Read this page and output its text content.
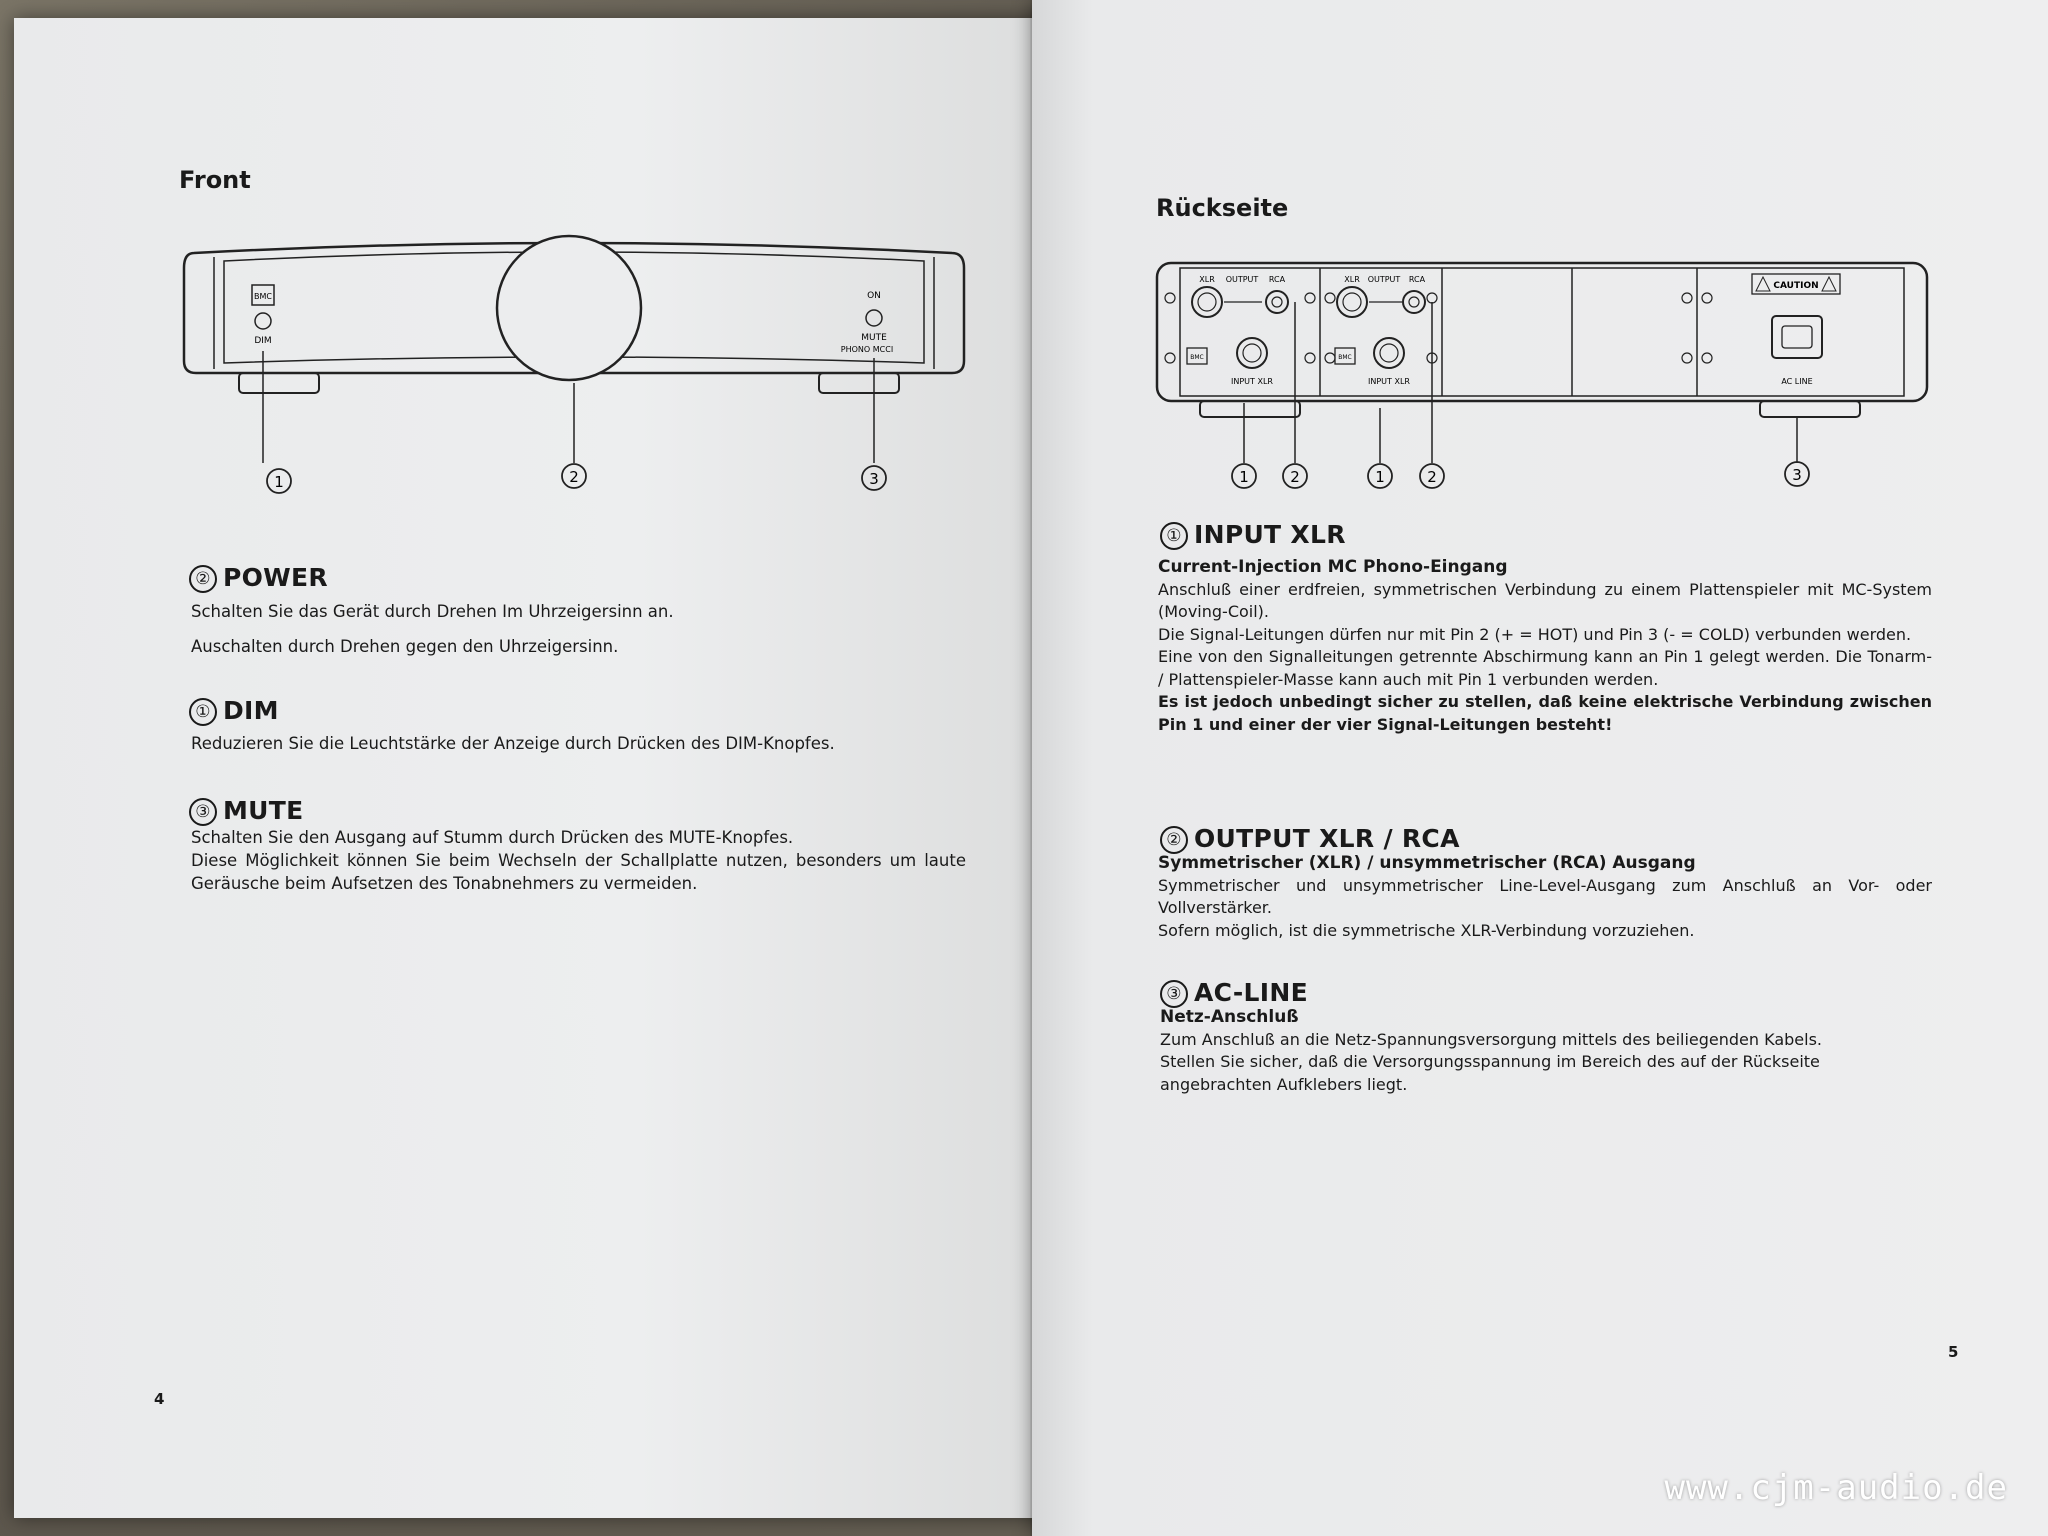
Front
BMC
DIM
ON
MUTE
PHONO MCCI
1	2	3
② POWER

Schalten Sie das Gerät durch Drehen Im Uhrzeigersinn an.

Auschalten durch Drehen gegen den Uhrzeigersinn.

① DIM

Reduzieren Sie die Leuchtstärke der Anzeige durch Drücken des DIM-Knopfes.

③ MUTE

Schalten Sie den Ausgang auf Stumm durch Drücken des MUTE-Knopfes.

Diese Möglichkeit können Sie beim Wechseln der Schallplatte nutzen, besonders um laute Geräusche beim Aufsetzen des Tonabnehmers zu vermeiden.

4
Rückseite
XLR OUTPUT RCA
BMC
INPUT XLR
XLR OUTPUT RCA
BMC
INPUT XLR
CAUTION
AC LINE
1	2	1	2	3
① INPUT XLR

Current-Injection MC Phono-Eingang

Anschluß einer erdfreien, symmetrischen Verbindung zu einem Plattenspieler mit MC-System (Moving-Coil).

Die Signal-Leitungen dürfen nur mit Pin 2 (+ = HOT) und Pin 3 (- = COLD) verbunden werden.

Eine von den Signalleitungen getrennte Abschirmung kann an Pin 1 gelegt werden. Die Tonarm- / Plattenspieler-Masse kann auch mit Pin 1 verbunden werden.

Es ist jedoch unbedingt sicher zu stellen, daß keine elektrische Verbindung zwischen Pin 1 und einer der vier Signal-Leitungen besteht!

② OUTPUT XLR / RCA

Symmetrischer (XLR) / unsymmetrischer (RCA) Ausgang

Symmetrischer und unsymmetrischer Line-Level-Ausgang zum Anschluß an Vor- oder Vollverstärker.

Sofern möglich, ist die symmetrische XLR-Verbindung vorzuziehen.

③ AC-LINE

Netz-Anschluß

Zum Anschluß an die Netz-Spannungsversorgung mittels des beiliegenden Kabels.

Stellen Sie sicher, daß die Versorgungsspannung im Bereich des auf der Rückseite angebrachten Aufklebers liegt.

5
www.cjm-audio.de
